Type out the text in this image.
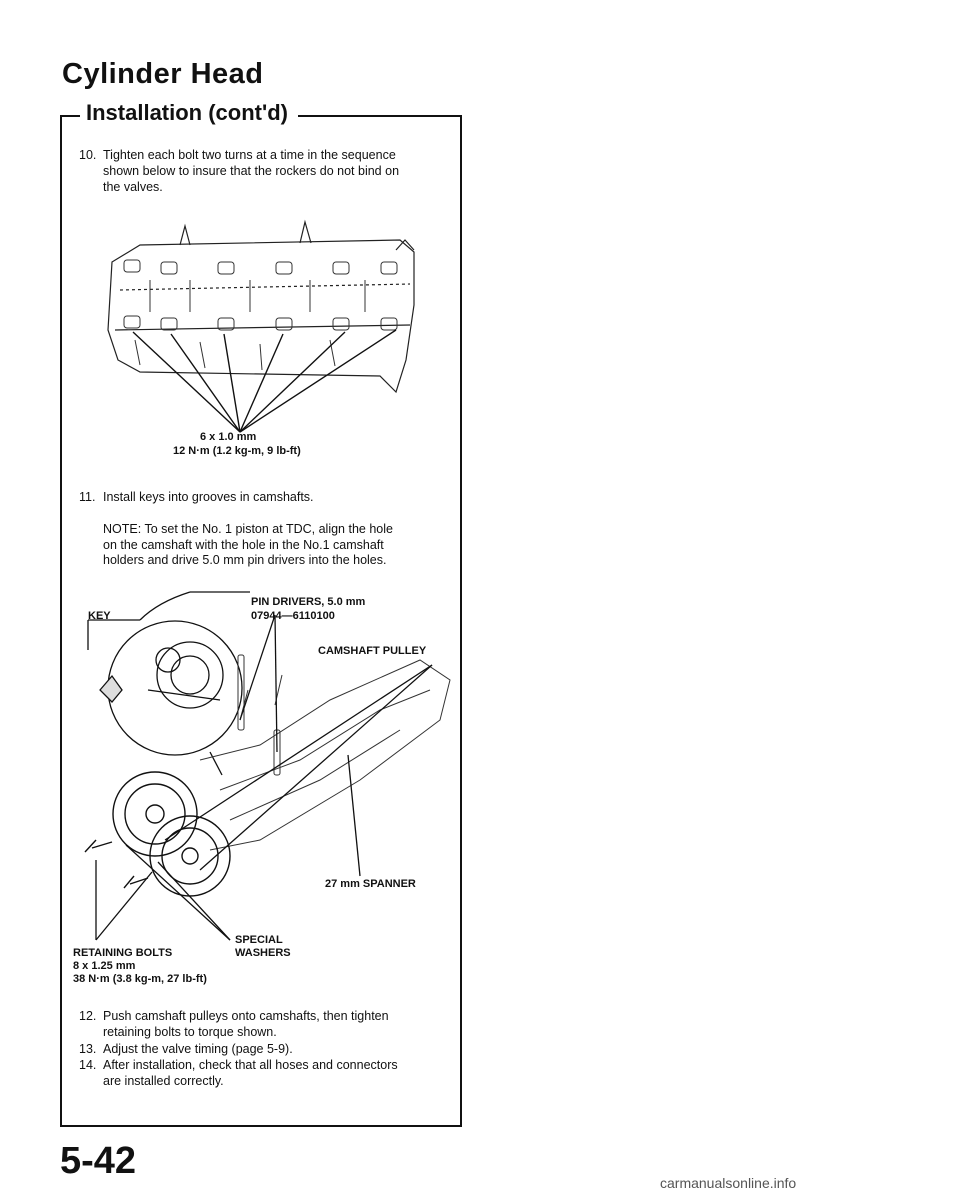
Cylinder Head
Installation (cont'd)
10. Tighten each bolt two turns at a time in the sequence
shown below to insure that the rockers do not bind on
the valves.
6 x 1.0 mm
12 N·m (1.2 kg-m, 9 lb-ft)
11. Install keys into grooves in camshafts.
NOTE: To set the No. 1 piston at TDC, align the hole
on the camshaft with the hole in the No.1 camshaft
holders and drive 5.0 mm pin drivers into the holes.
KEY
PIN DRIVERS, 5.0 mm
07944—6110100
CAMSHAFT PULLEY
27 mm SPANNER
SPECIAL
WASHERS
RETAINING BOLTS
8 x 1.25 mm
38 N·m (3.8 kg-m, 27 lb-ft)
12. Push camshaft pulleys onto camshafts, then tighten
retaining bolts to torque shown.
13. Adjust the valve timing (page 5-9).
14. After installation, check that all hoses and connectors
are installed correctly.
5-42
carmanualsonline.info
